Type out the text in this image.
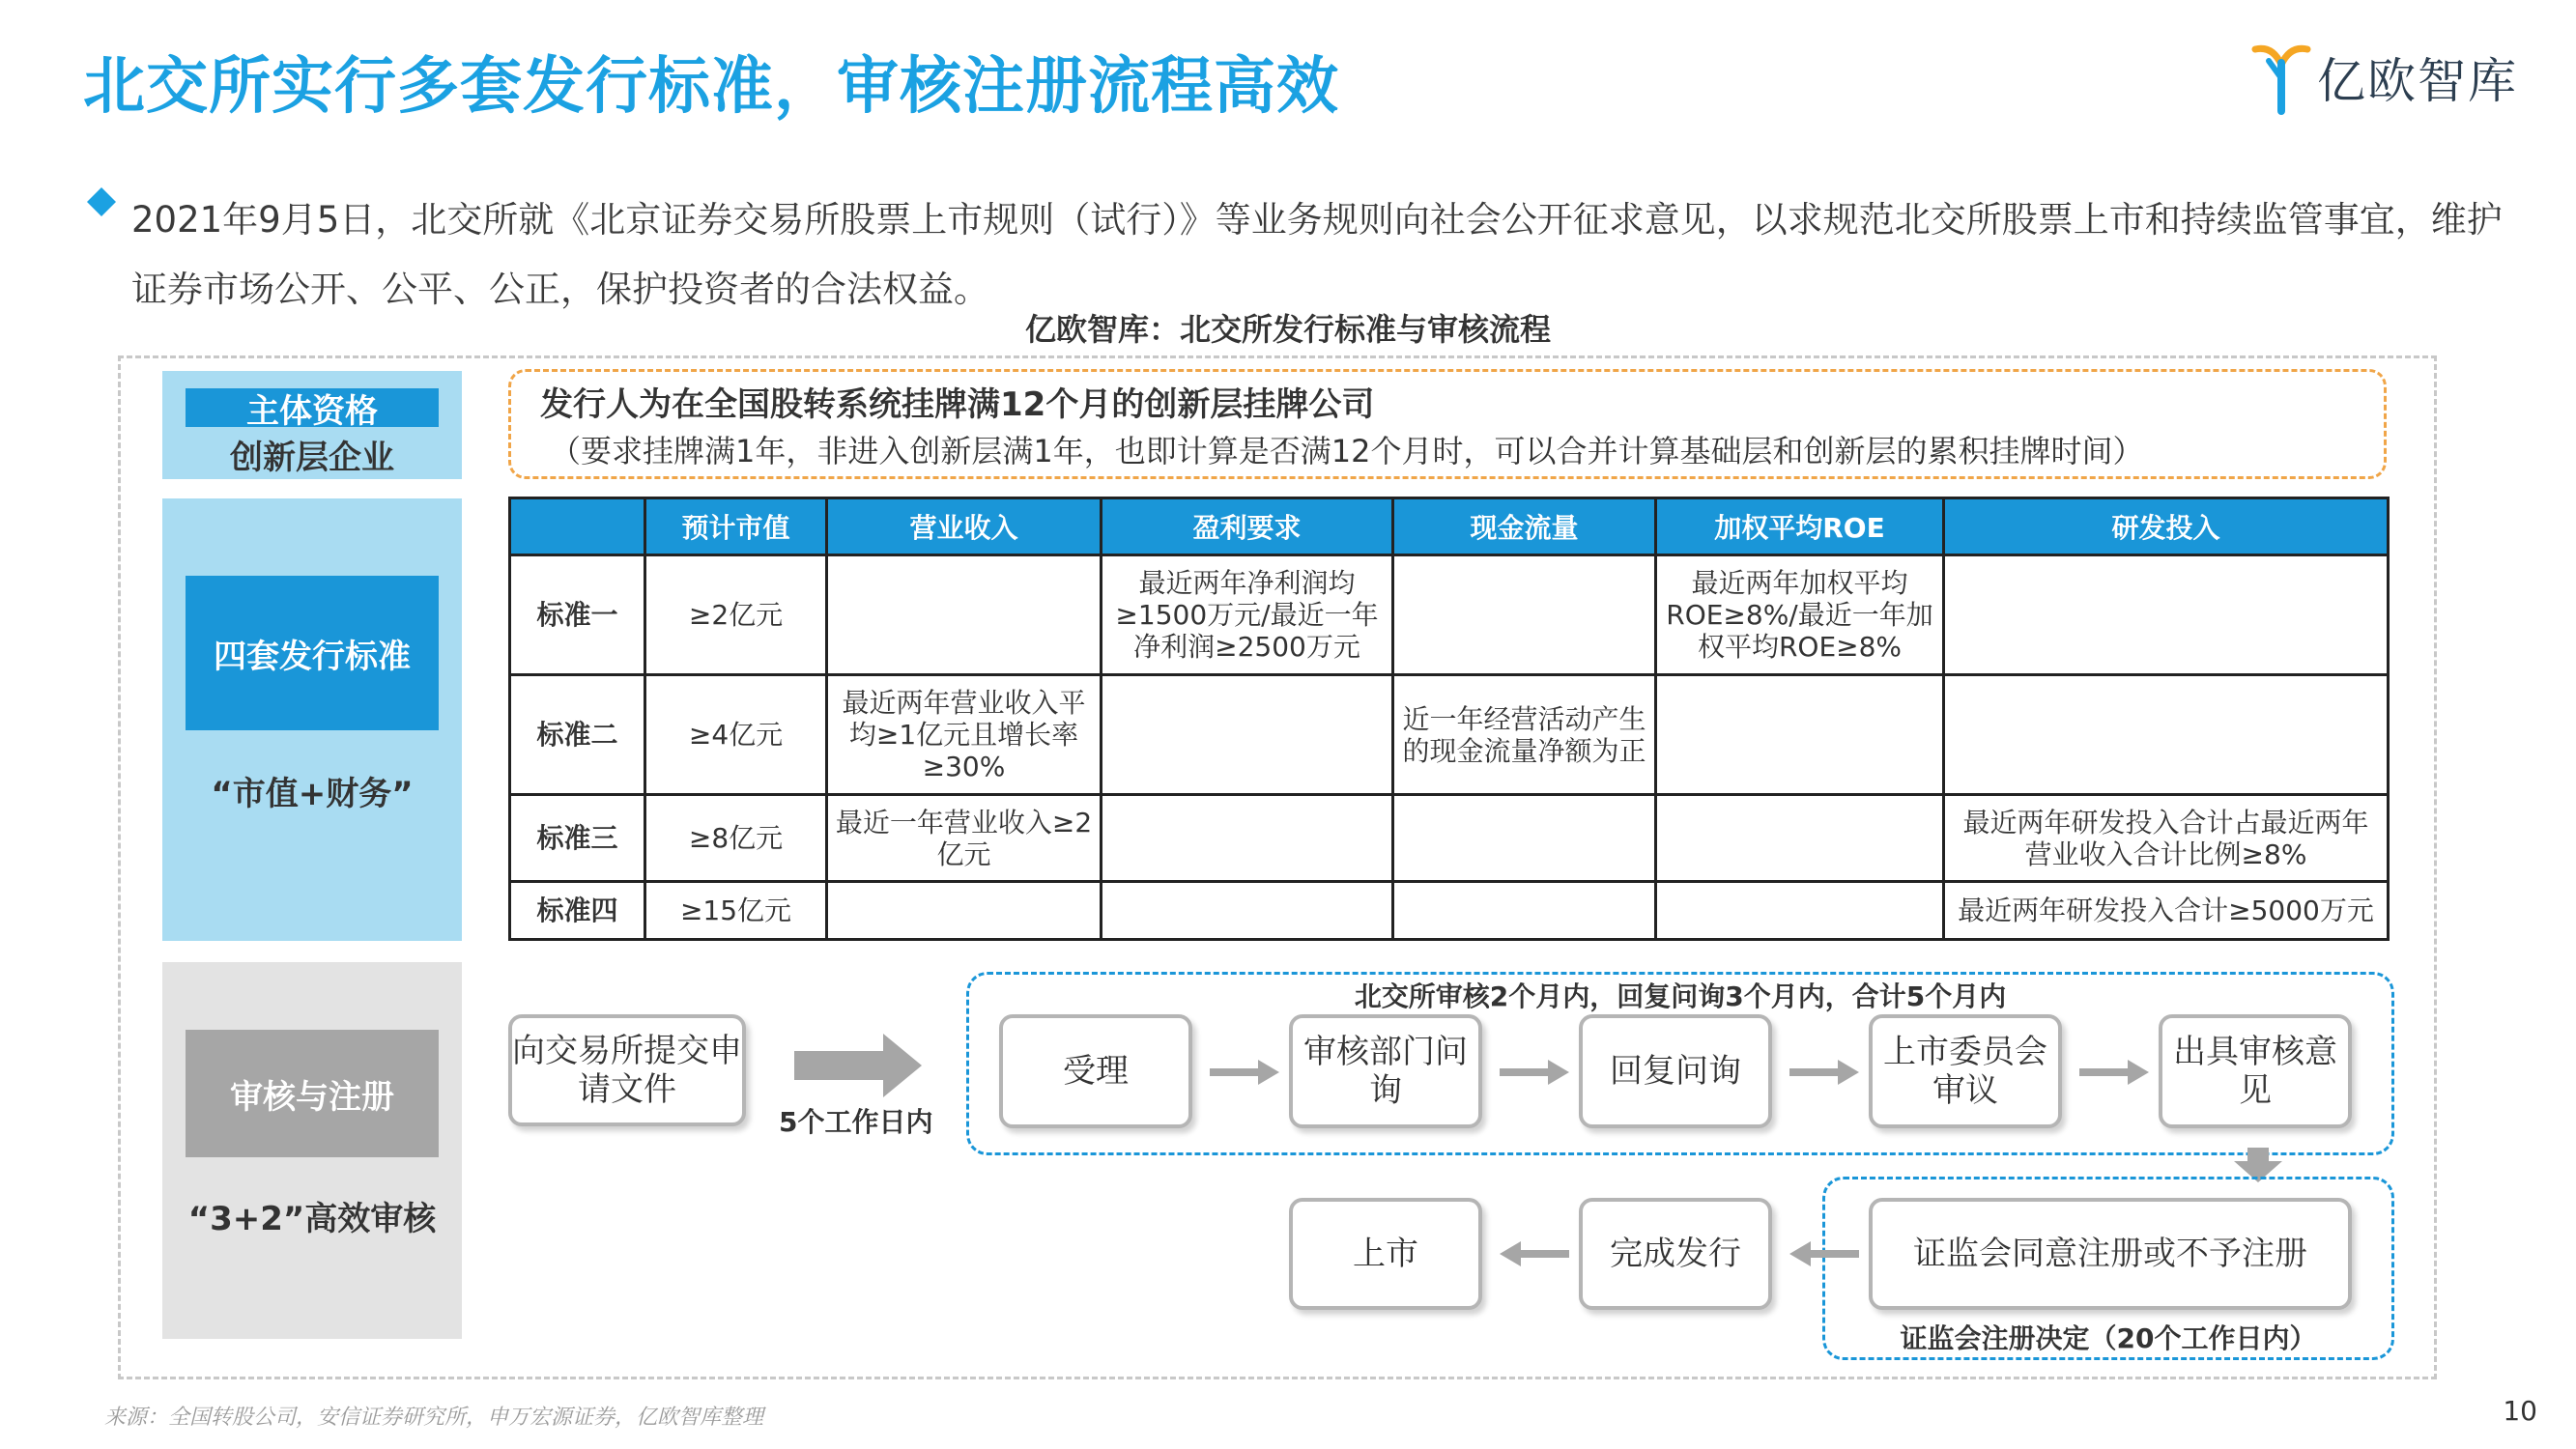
北交所实行多套发行标准，审核注册流程高效	亿欧智库
2021年9月5日，北交所就《北京证券交易所股票上市规则（试行）》等业务规则向社会公开征求意见，以求规范北交所股票上市和持续监管事宜，维护证券市场公开、公平、公正，保护投资者的合法权益。
亿欧智库：北交所发行标准与审核流程
主体资格
创新层企业
四套发行标准
“市值+财务”
审核与注册
“3+2”高效审核
发行人为在全国股转系统挂牌满12个月的创新层挂牌公司
（要求挂牌满1年，非进入创新层满1年，也即计算是否满12个月时，可以合并计算基础层和创新层的累积挂牌时间）
	预计市值	营业收入	盈利要求	现金流量	加权平均ROE	研发投入
标准一	≥2亿元		最近两年净利润均≥1500万元/最近一年净利润≥2500万元		最近两年加权平均ROE≥8%/最近一年加权平均ROE≥8%	
标准二	≥4亿元	最近两年营业收入平均≥1亿元且增长率≥30%		近一年经营活动产生的现金流量净额为正		
标准三	≥8亿元	最近一年营业收入≥2亿元				最近两年研发投入合计占最近两年营业收入合计比例≥8%
标准四	≥15亿元					最近两年研发投入合计≥5000万元
向交易所提交申请文件
5个工作日内
北交所审核2个月内，回复问询3个月内，合计5个月内
受理	审核部门问询	回复问询	上市委员会审议
出具审核意见
证监会同意注册或不予注册
证监会注册决定（20个工作日内）
完成发行
上市
来源：全国转股公司，安信证券研究所，申万宏源证券，亿欧智库整理	10
